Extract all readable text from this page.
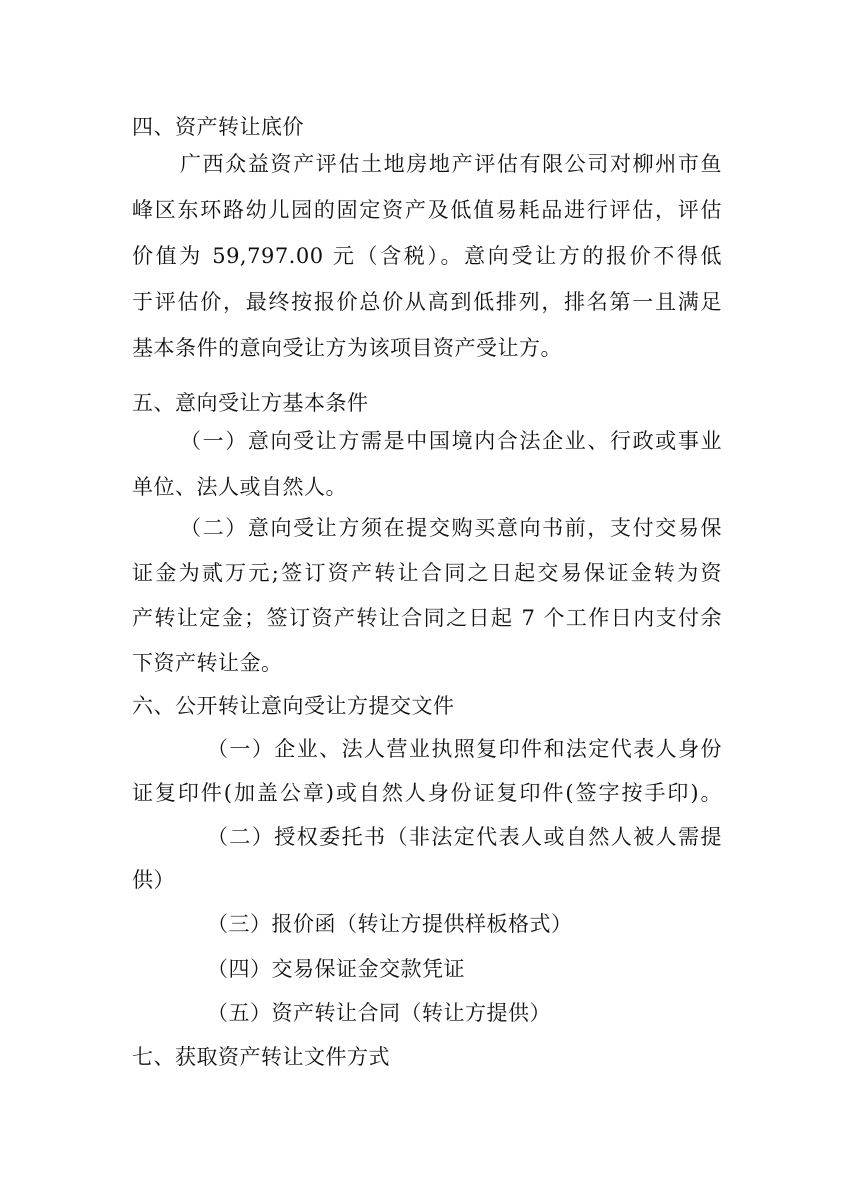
四、资产转让底价
广西众益资产评估土地房地产评估有限公司对柳州市鱼
峰区东环路幼儿园的固定资产及低值易耗品进行评估，评估
价值为 59,797.00 元（含税）。意向受让方的报价不得低
于评估价，最终按报价总价从高到低排列，排名第一且满足
基本条件的意向受让方为该项目资产受让方。
五、意向受让方基本条件
（一）意向受让方需是中国境内合法企业、行政或事业
单位、法人或自然人。
（二）意向受让方须在提交购买意向书前，支付交易保
证金为贰万元;签订资产转让合同之日起交易保证金转为资
产转让定金；签订资产转让合同之日起 7 个工作日内支付余
下资产转让金。
六、公开转让意向受让方提交文件
（一）企业、法人营业执照复印件和法定代表人身份
证复印件(加盖公章)或自然人身份证复印件(签字按手印)。
（二）授权委托书（非法定代表人或自然人被人需提
供）
（三）报价函（转让方提供样板格式）
（四）交易保证金交款凭证
（五）资产转让合同（转让方提供）
七、获取资产转让文件方式
